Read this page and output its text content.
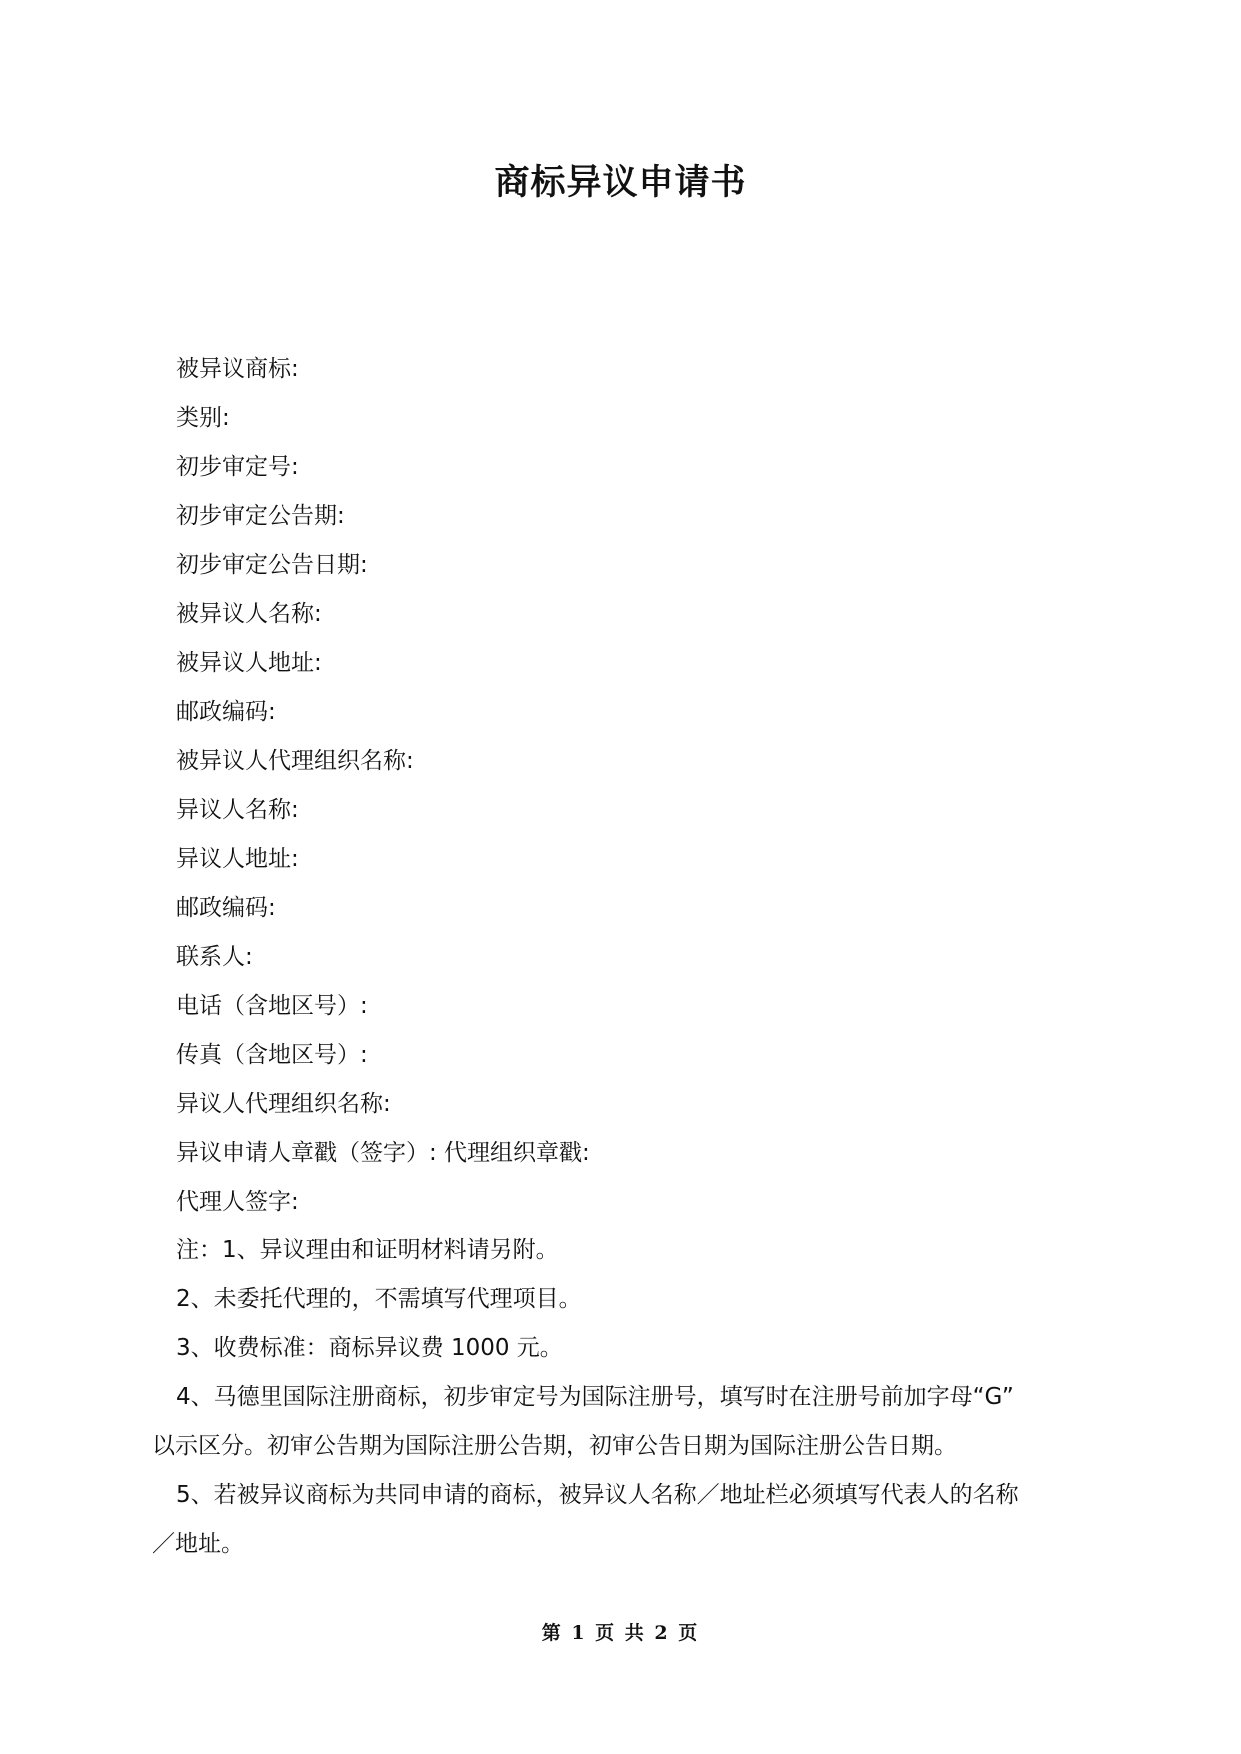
商标异议申请书
被异议商标:
类别:
初步审定号:
初步审定公告期:
初步审定公告日期:
被异议人名称:
被异议人地址:
邮政编码:
被异议人代理组织名称:
异议人名称:
异议人地址:
邮政编码:
联系人:
电话（含地区号）:
传真（含地区号）:
异议人代理组织名称:
异议申请人章戳（签字）: 代理组织章戳:
代理人签字:
注：1、异议理由和证明材料请另附。
2、未委托代理的，不需填写代理项目。
3、收费标准：商标异议费 1000 元。
4、马德里国际注册商标，初步审定号为国际注册号，填写时在注册号前加字母“G”
以示区分。初审公告期为国际注册公告期，初审公告日期为国际注册公告日期。
5、若被异议商标为共同申请的商标，被异议人名称／地址栏必须填写代表人的名称
／地址。
第 1 页 共 2 页
